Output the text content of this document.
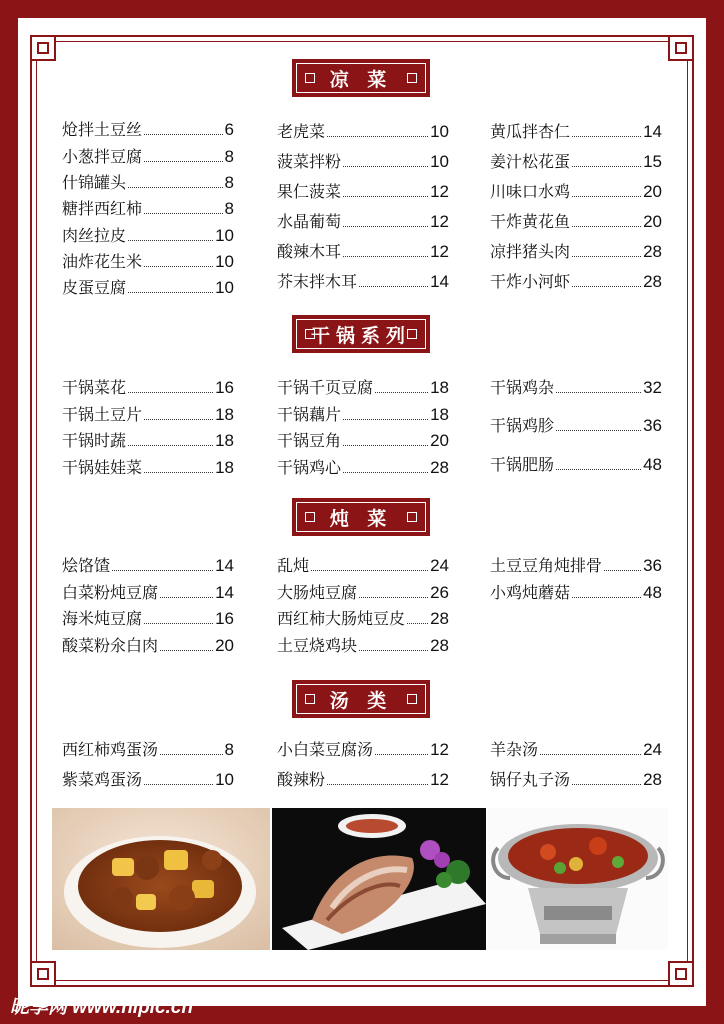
凉 菜
干锅系列
炖 菜
汤 类
炝拌土豆丝	6
小葱拌豆腐	8
什锦罐头	8
糖拌西红柿	8
肉丝拉皮	10
油炸花生米	10
皮蛋豆腐	10
老虎菜	10
菠菜拌粉	10
果仁菠菜	12
水晶葡萄	12
酸辣木耳	12
芥末拌木耳	14
黄瓜拌杏仁	14
姜汁松花蛋	15
川味口水鸡	20
干炸黄花鱼	20
凉拌猪头肉	28
干炸小河虾	28
干锅菜花	16
干锅土豆片	18
干锅时蔬	18
干锅娃娃菜	18
干锅千页豆腐	18
干锅藕片	18
干锅豆角	20
干锅鸡心	28
干锅鸡杂	32
干锅鸡胗	36
干锅肥肠	48
烩饹馇	14
白菜粉炖豆腐	14
海米炖豆腐	16
酸菜粉氽白肉	20
乱炖	24
大肠炖豆腐	26
西红柿大肠炖豆皮 28
土豆烧鸡块	28
土豆豆角炖排骨 36
小鸡炖蘑菇	48
西红柿鸡蛋汤	8
紫菜鸡蛋汤	10
小白菜豆腐汤	12
酸辣粉	12
羊杂汤	24
锅仔丸子汤	28
昵享网 www.nipic.cn	ID:10647388 NO:20221216111048361041
